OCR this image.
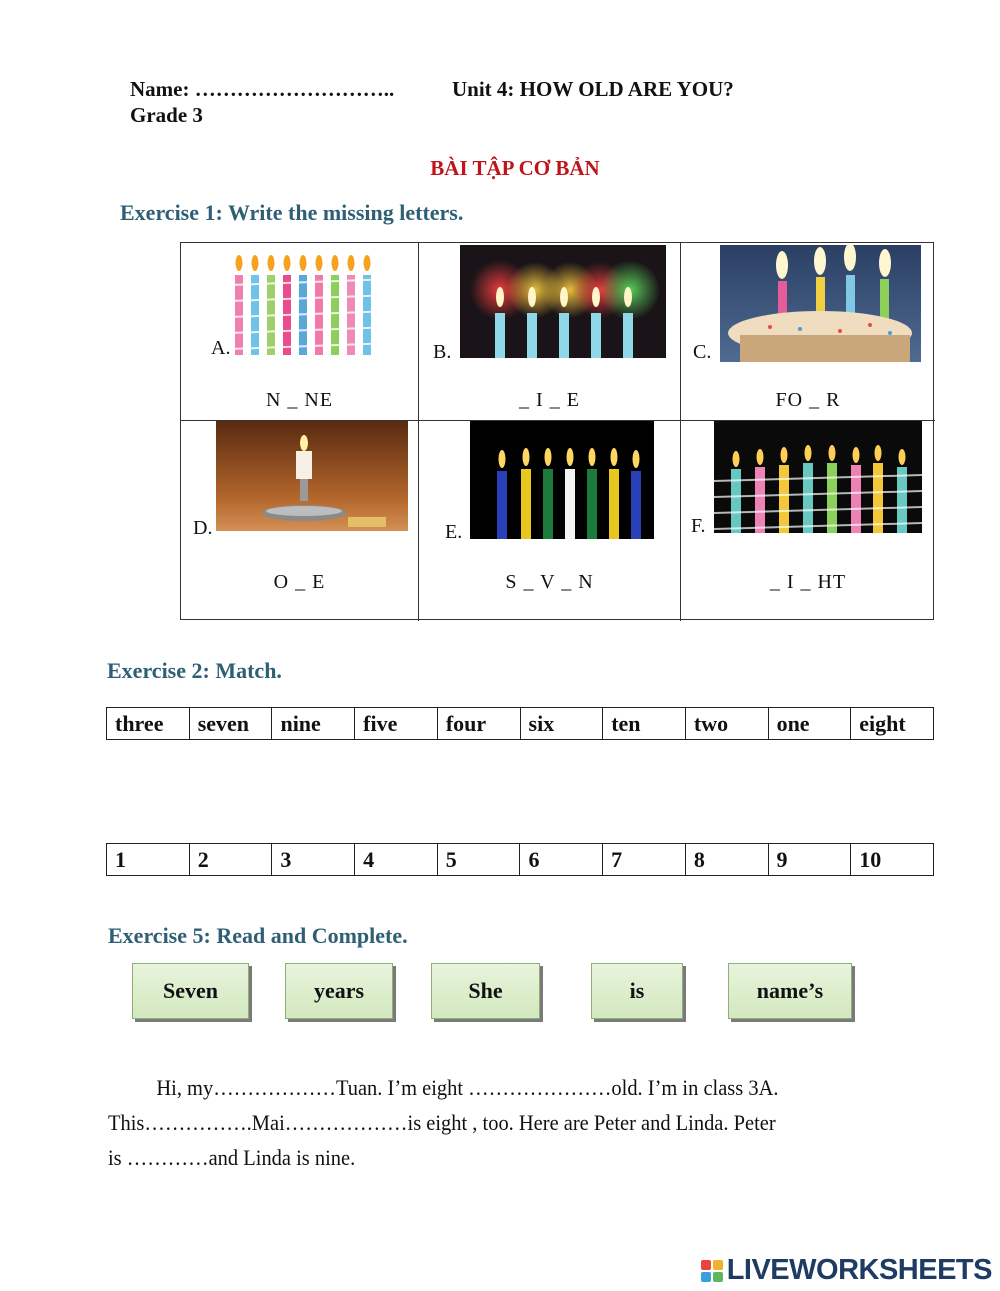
Name: ………………………..	Unit 4: HOW OLD ARE YOU?
Grade 3
BÀI TẬP CƠ BẢN
Exercise 1: Write the missing letters.
A.
N _ NE
B.
_ I _ E
C.
FO _ R
D.
O _ E
E.
S _ V _ N
F.
_ I _ HT
Exercise 2: Match.
three	seven	nine	five	four	six	ten	two	one	eight
1	2	3	4	5	6	7	8	9	10
Exercise 5: Read and Complete.
Seven	years	She	is	name’s

Hi, my………………Tuan. I’m eight …………………old. I’m in class 3A.

This…………….Mai………………is eight , too. Here are Peter and Linda. Peter

is …………and Linda is nine.

LIVEWORKSHEETS
